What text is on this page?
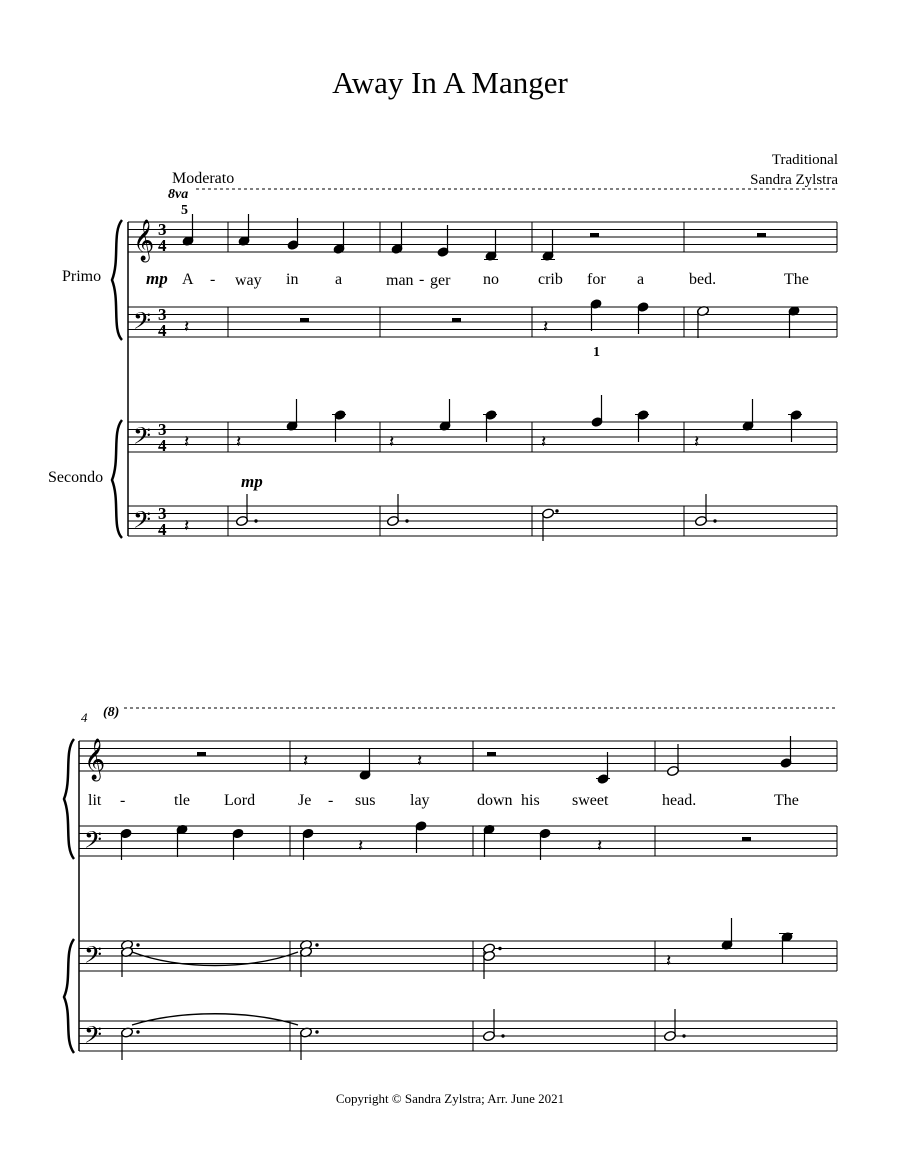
Away In A Manger
Traditional
Sandra Zylstra
Moderato
8va
5
Primo
Secondo
𝄞
𝄢
𝄢
𝄢
3
4
3
4
3
4
3
4
mp A - way in a	man - ger no crib for a	bed.	The
𝄽	𝄽
1
𝄽	𝄽	𝄽	𝄽	𝄽
mp
𝄽
4 (8)
𝄞
𝄢
𝄢
𝄢
𝄽	𝄽
lit -	tle Lord	Je - sus lay	down his sweet	head.	The
𝄽	𝄽
𝄽
Copyright © Sandra Zylstra; Arr. June 2021
